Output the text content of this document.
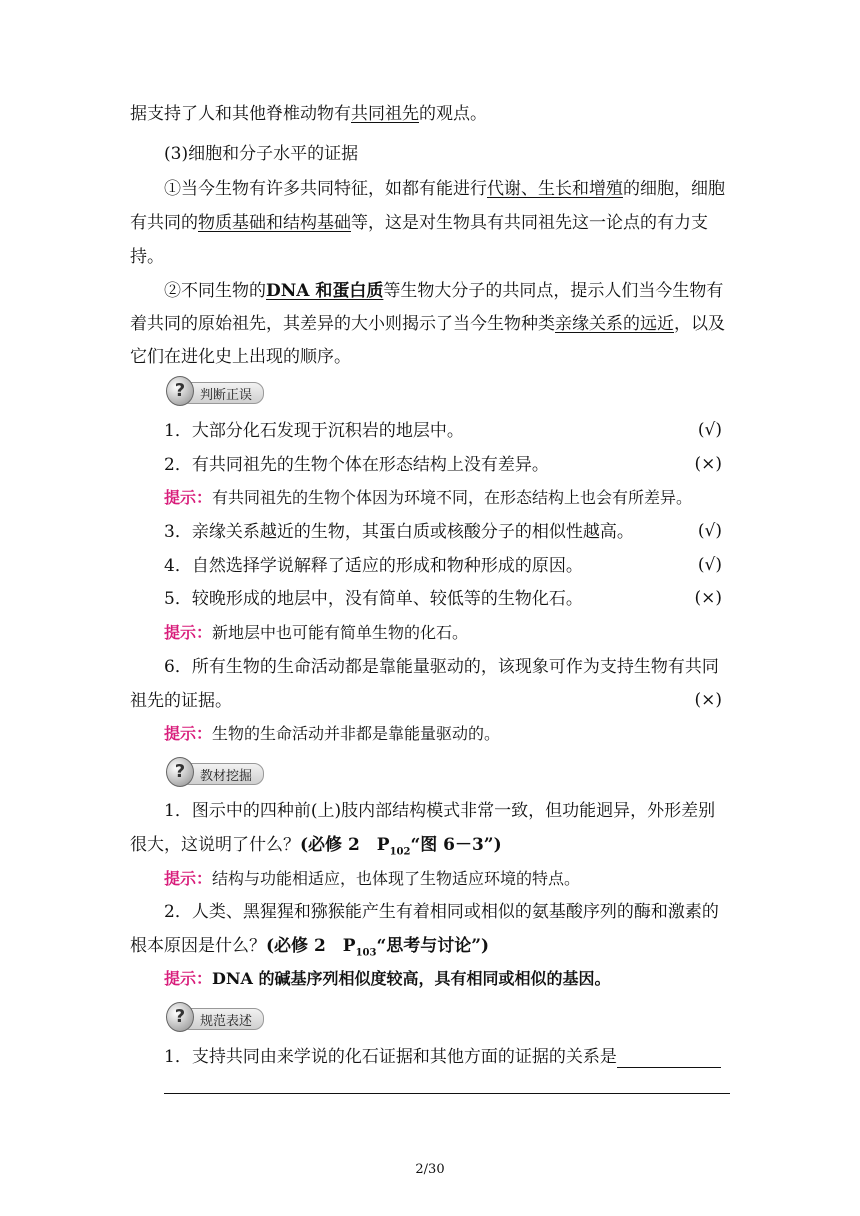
据支持了人和其他脊椎动物有共同祖先的观点。
(3)细胞和分子水平的证据
①当今生物有许多共同特征，如都有能进行代谢、生长和增殖的细胞，细胞
有共同的物质基础和结构基础等，这是对生物具有共同祖先这一论点的有力支
持。
②不同生物的DNA 和蛋白质等生物大分子的共同点，提示人们当今生物有
着共同的原始祖先，其差异的大小则揭示了当今生物种类亲缘关系的远近，以及
它们在进化史上出现的顺序。
?	判断正误
1．大部分化石发现于沉积岩的地层中。	(√)
2．有共同祖先的生物个体在形态结构上没有差异。	(×)
提示：有共同祖先的生物个体因为环境不同，在形态结构上也会有所差异。
3．亲缘关系越近的生物，其蛋白质或核酸分子的相似性越高。	(√)
4．自然选择学说解释了适应的形成和物种形成的原因。	(√)
5．较晚形成的地层中，没有简单、较低等的生物化石。	(×)
提示：新地层中也可能有简单生物的化石。
6．所有生物的生命活动都是靠能量驱动的，该现象可作为支持生物有共同
祖先的证据。	(×)
提示：生物的生命活动并非都是靠能量驱动的。
?	教材挖掘
1．图示中的四种前(上)肢内部结构模式非常一致，但功能迥异，外形差别
很大，这说明了什么？(必修 2　$P_{102}“$图 6－3”)
提示：结构与功能相适应，也体现了生物适应环境的特点。
2．人类、黑猩猩和猕猴能产生有着相同或相似的氨基酸序列的酶和激素的
根本原因是什么？(必修 2　$P_{103}“$思考与讨论”)
提示：DNA 的碱基序列相似度较高，具有相同或相似的基因。
?	规范表述
1．支持共同由来学说的化石证据和其他方面的证据的关系是
2/30
